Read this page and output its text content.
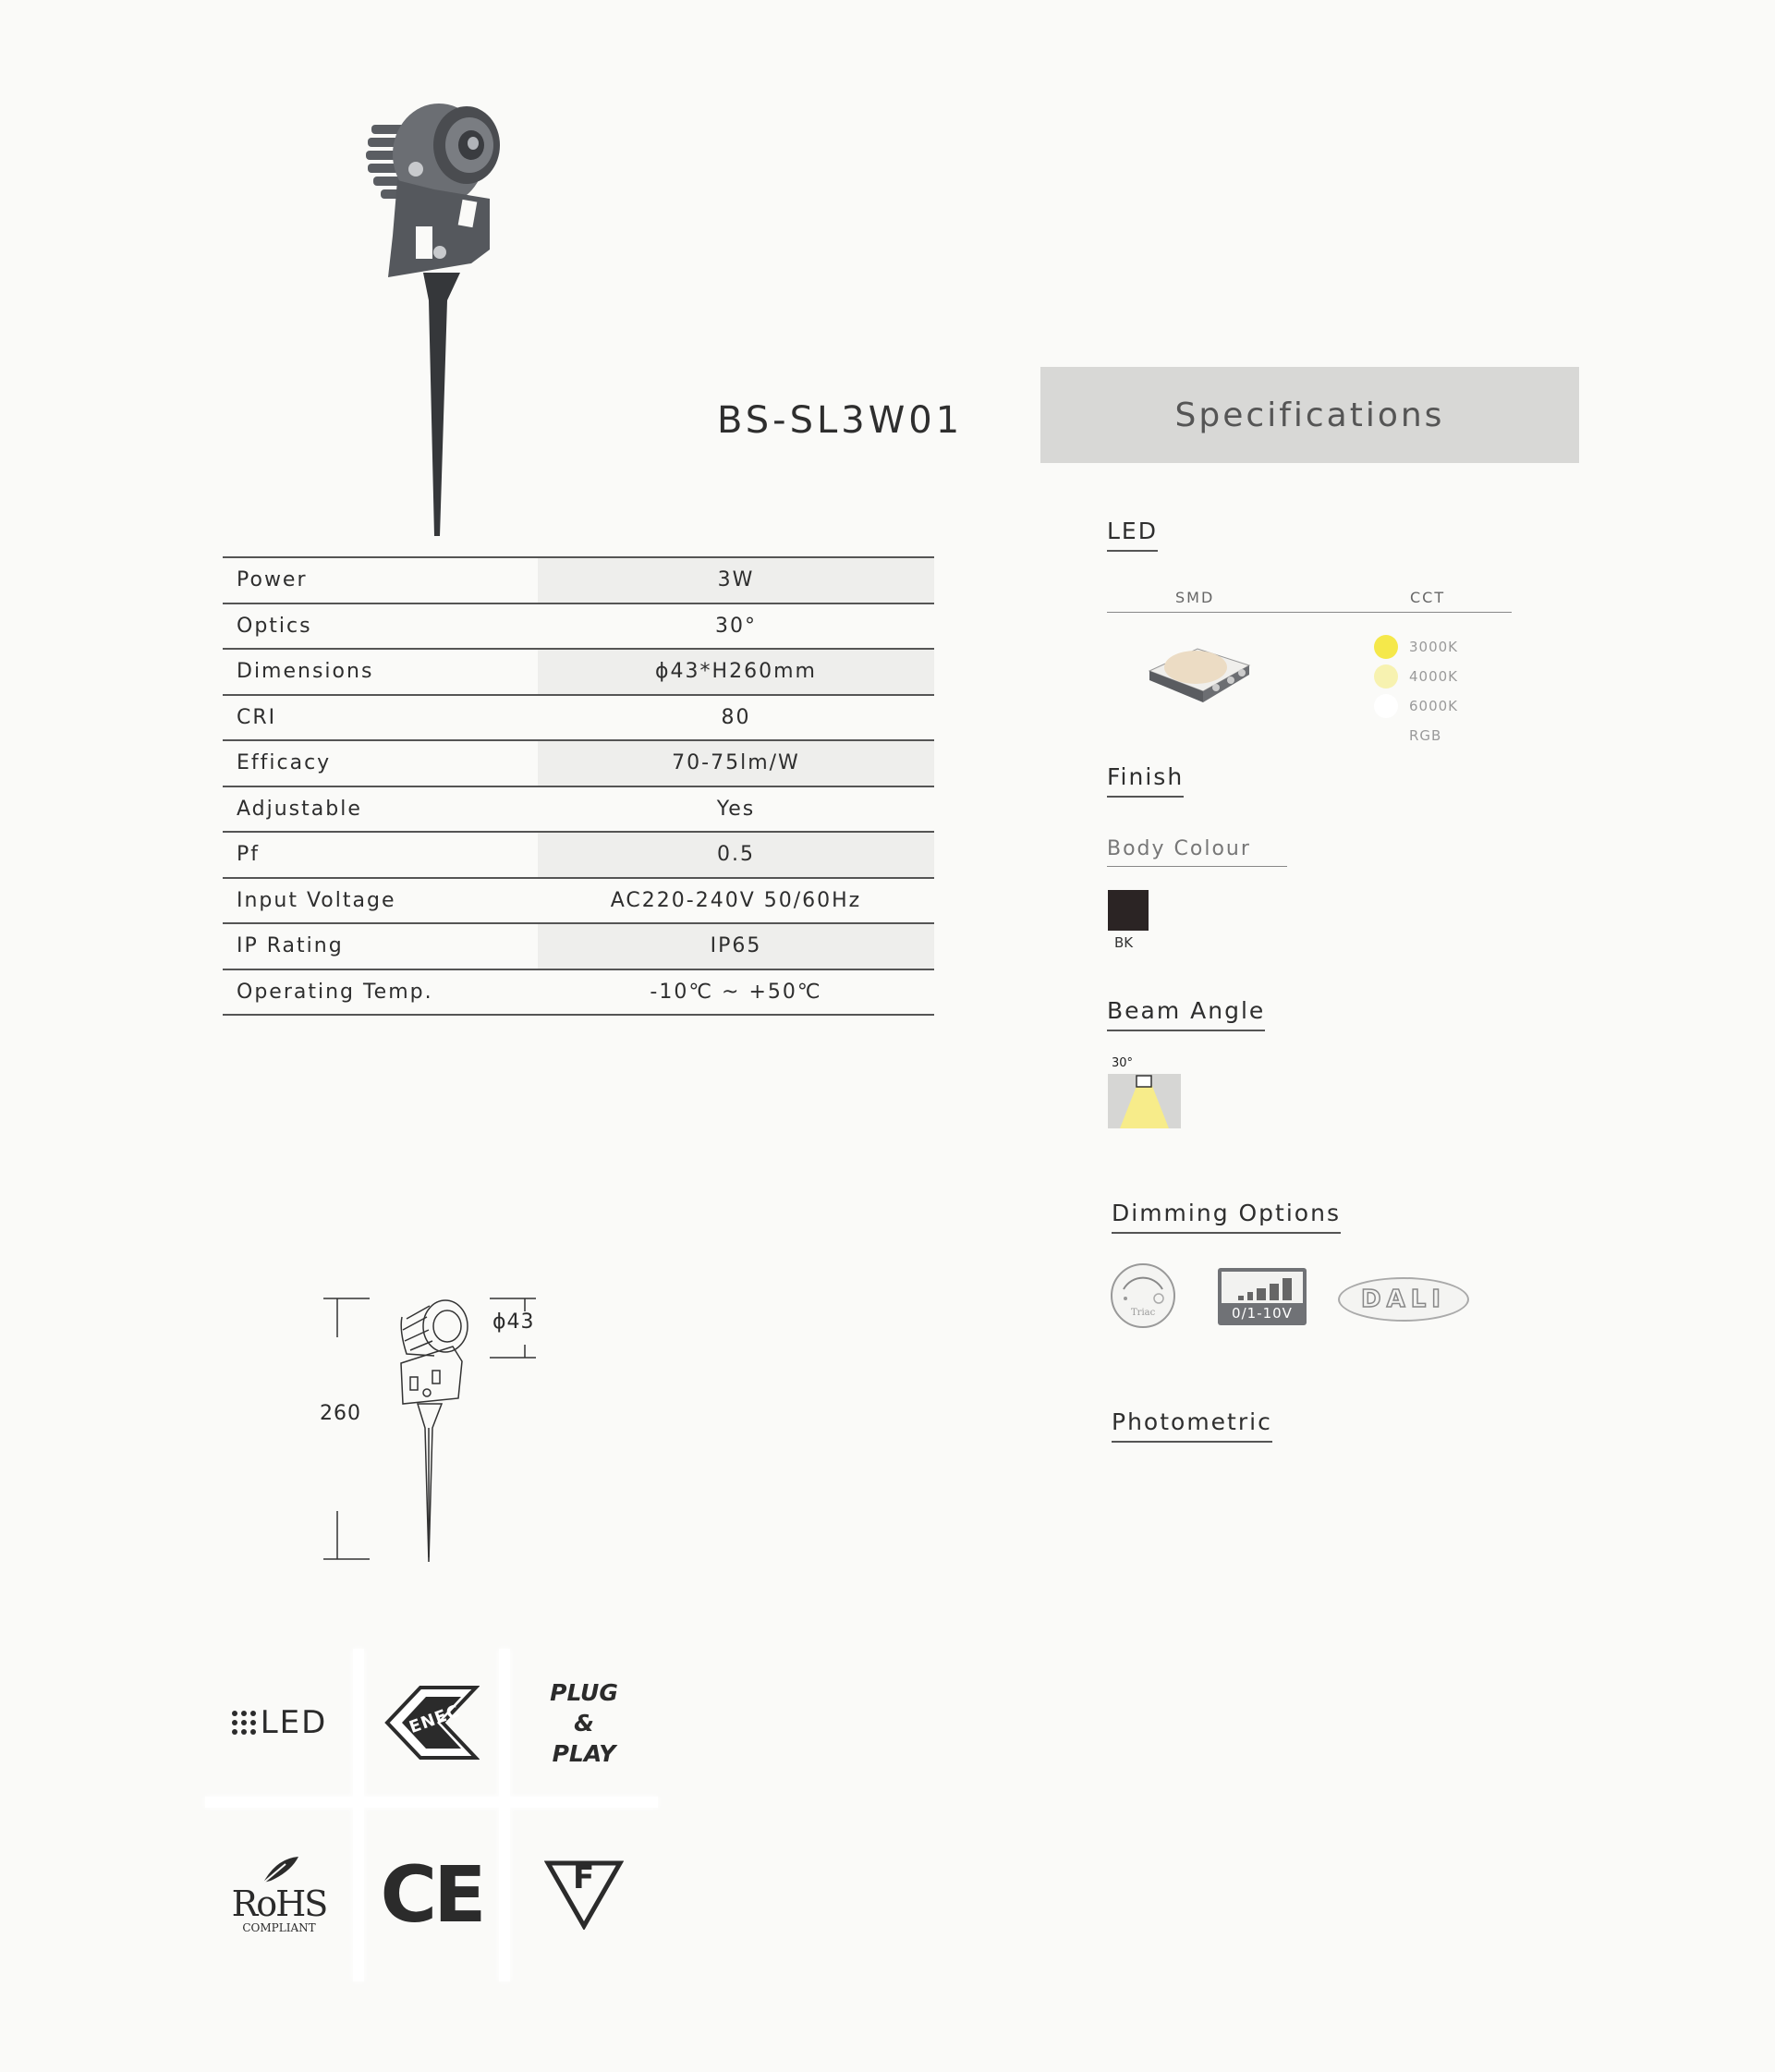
BS-SL3W01
Power	3W
Optics	30°
Dimensions	ϕ43*H260mm
CRI	80
Efficacy	70-75lm/W
Adjustable	Yes
Pf	0.5
Input Voltage	AC220-240V 50/60Hz
IP Rating	IP65
Operating Temp.	-10℃ ~ +50℃
Specifications
LED
SMD	CCT
3000K
4000K
6000K
RGB
Finish
Body Colour
BK
Beam Angle
30°
Dimming Options
Triac	0/1-10V	DALI
Photometric
ϕ43
260
LED	ENEC
PLUG
&
PLAY
RoHS
COMPLIANT CE	F
